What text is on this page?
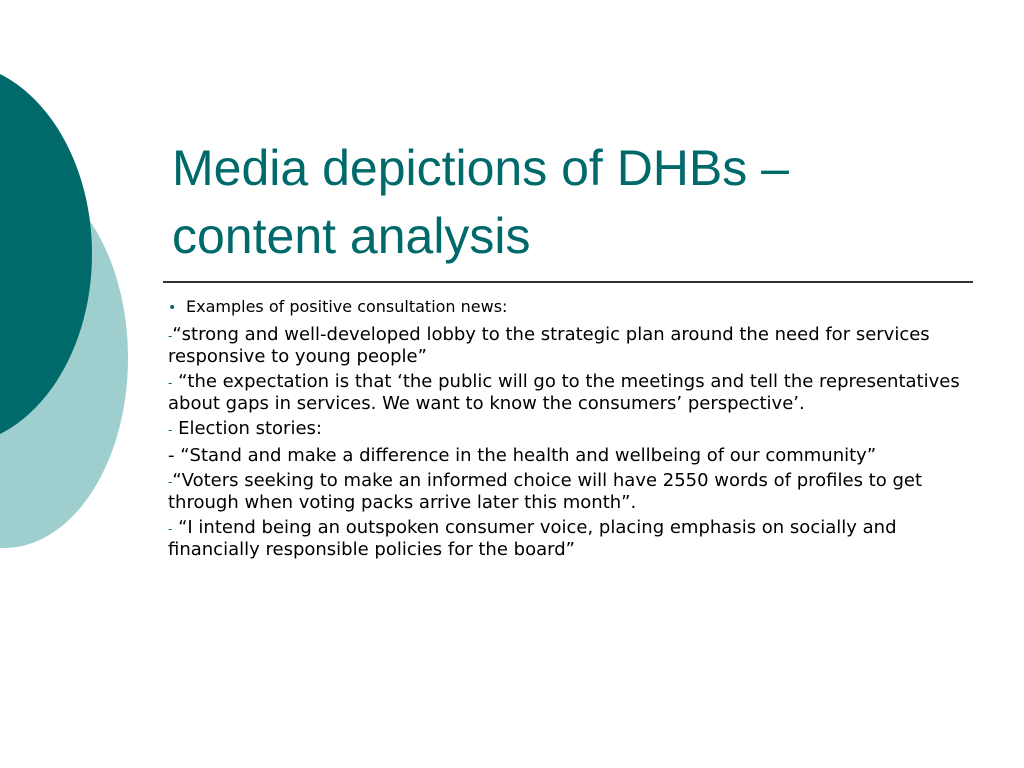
Media depictions of DHBs –
content analysis

• Examples of positive consultation news:

-“strong and well-developed lobby to the strategic plan around the need for services responsive to young people”

- “the expectation is that ‘the public will go to the meetings and tell the representatives about gaps in services. We want to know the consumers’ perspective’.

- Election stories:

- “Stand and make a difference in the health and wellbeing of our community”

-“Voters seeking to make an informed choice will have 2550 words of profiles to get through when voting packs arrive later this month”.

- “I intend being an outspoken consumer voice, placing emphasis on socially and financially responsible policies for the board”
